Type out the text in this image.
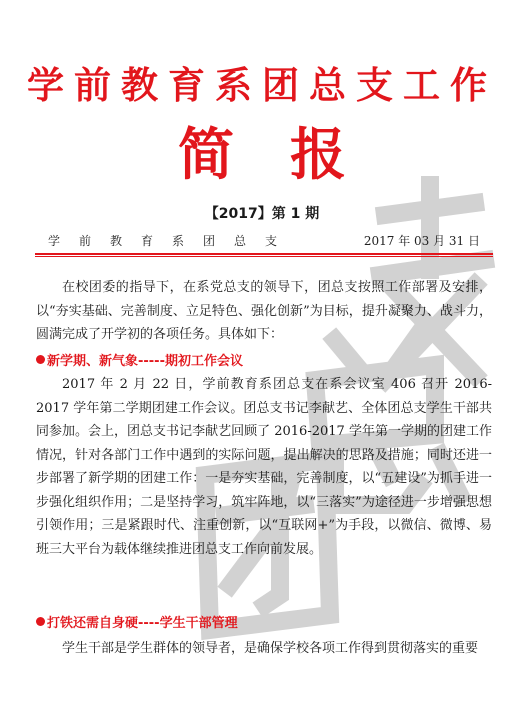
学前教育系团总支工作
简 报
【2017】第 1 期
学前教育系团总支	2017 年 03 月 31 日
在校团委的指导下，在系党总支的领导下，团总支按照工作部署及安排，以“夯实基础、完善制度、立足特色、强化创新”为目标，提升凝聚力、战斗力，圆满完成了开学初的各项任务。具体如下：
新学期、新气象-----期初工作会议
2017 年 2 月 22 日，学前教育系团总支在系会议室 406 召开 2016-2017 学年第二学期团建工作会议。团总支书记李献艺、全体团总支学生干部共同参加。会上，团总支书记李献艺回顾了 2016-2017 学年第一学期的团建工作情况，针对各部门工作中遇到的实际问题，提出解决的思路及措施；同时还进一步部署了新学期的团建工作：一是夯实基础，完善制度，以“五建设”为抓手进一步强化组织作用；二是坚持学习，筑牢阵地，以“三落实”为途径进一步增强思想引领作用；三是紧跟时代、注重创新，以“互联网+”为手段，以微信、微博、易班三大平台为载体继续推进团总支工作向前发展。
打铁还需自身硬----学生干部管理
学生干部是学生群体的领导者，是确保学校各项工作得到贯彻落实的重要
